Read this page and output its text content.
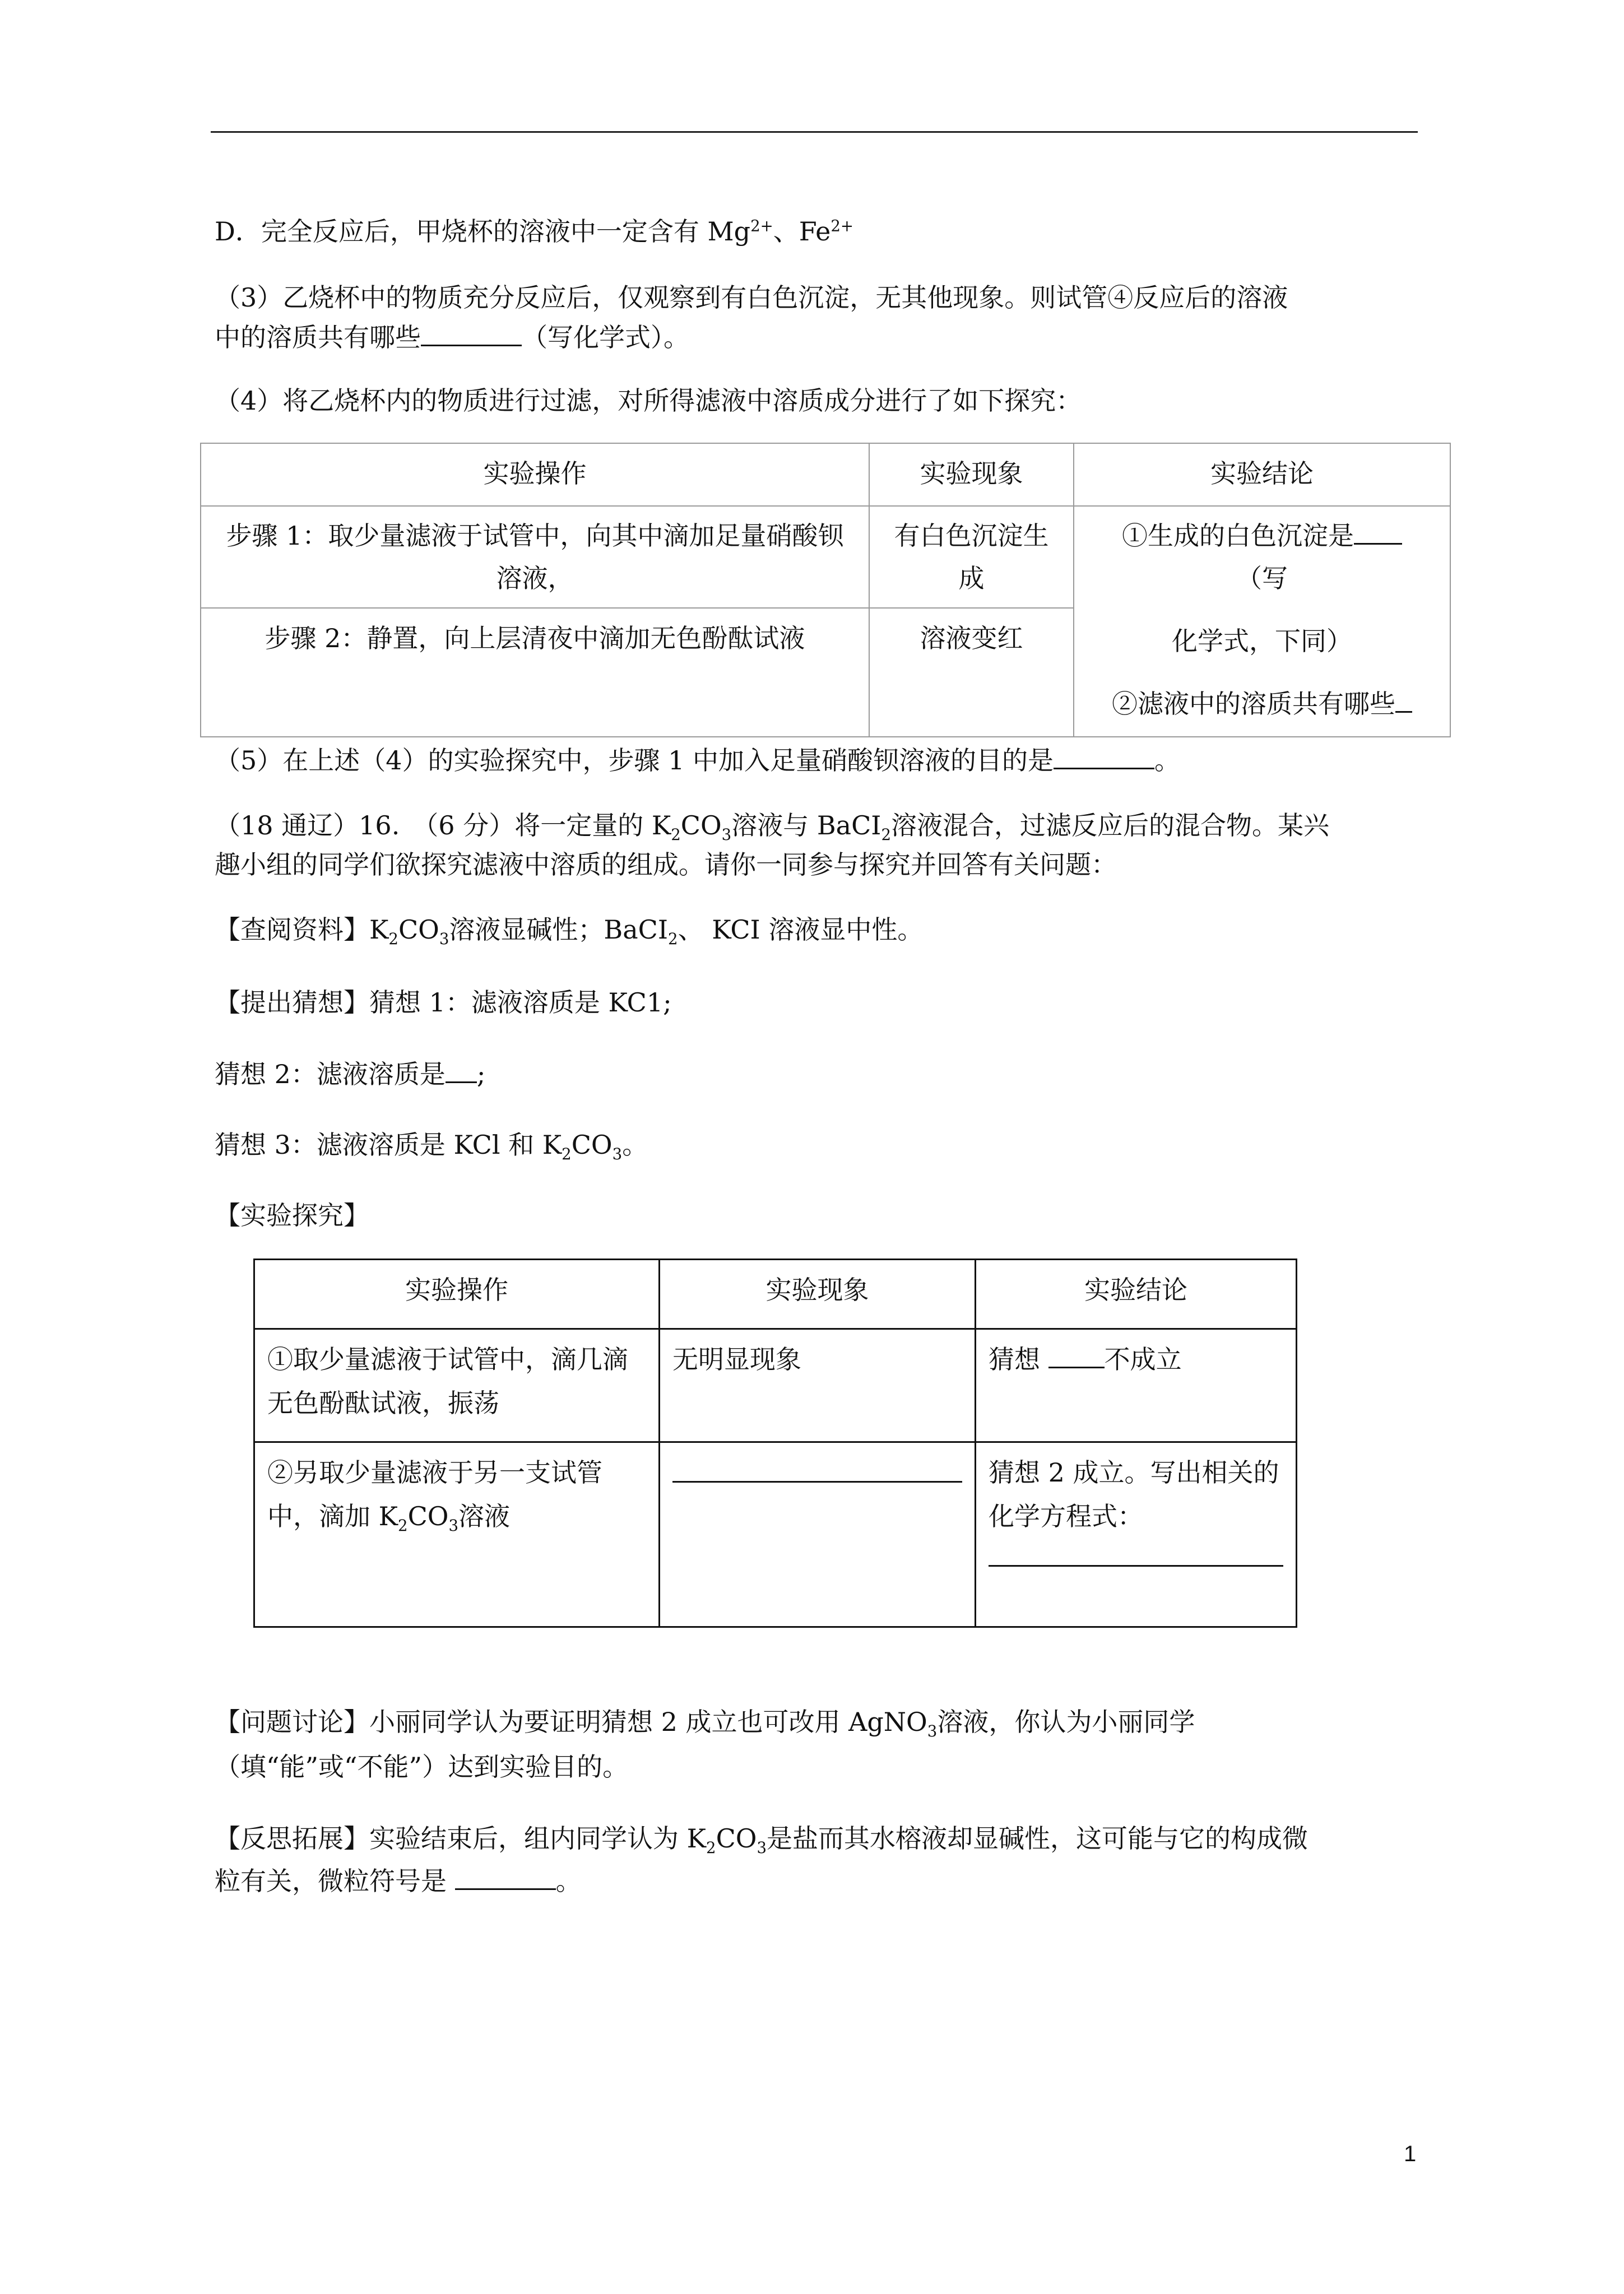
D．完全反应后，甲烧杯的溶液中一定含有 $Mg^{2+}$、$Fe^{2+}$
（3）乙烧杯中的物质充分反应后，仅观察到有白色沉淀，无其他现象。则试管④反应后的溶液
中的溶质共有哪些	（写化学式）。
（4）将乙烧杯内的物质进行过滤，对所得滤液中溶质成分进行了如下探究：
实验操作	实验现象	实验结论

步骤 1：取少量滤液于试管中，向其中滴加足量硝酸钡溶液，	有白色沉淀生成	①生成的白色沉淀是
（写
化学式，下同）
②滤液中的溶质共有哪些

步骤 2：静置，向上层清夜中滴加无色酚酞试液	溶液变红	
（5）在上述（4）的实验探究中，步骤 1 中加入足量硝酸钡溶液的目的是	。
（18 通辽）16.　（6 分）将一定量的 $K_2CO_3$溶液与 BaCI$_2$溶液混合，过滤反应后的混合物。某兴
趣小组的同学们欲探究滤液中溶质的组成。请你一同参与探究并回答有关问题：
【查阅资料】$K_2CO_3$溶液显碱性；BaCI$_2$、 KCI 溶液显中性。
【提出猜想】猜想 1：滤液溶质是 KC1;
猜想 2：滤液溶质是 ;
猜想 3：滤液溶质是 KCl 和 $K_2CO_3$。
【实验探究】
实验操作	实验现象	实验结论

①取少量滤液于试管中，滴几滴无色酚酞试液，振荡	无明显现象	猜想 不成立

②另取少量滤液于另一支试管中，滴加 $K_2CO_3$溶液		猜想 2 成立。写出相关的化学方程式：
【问题讨论】小丽同学认为要证明猜想 2 成立也可改用 AgNO$_3$溶液，你认为小丽同学
（填“能”或“不能”）达到实验目的。
【反思拓展】实验结束后，组内同学认为 $K_2CO_3$是盐而其水榕液却显碱性，这可能与它的构成微
粒有关，微粒符号是	。
1
